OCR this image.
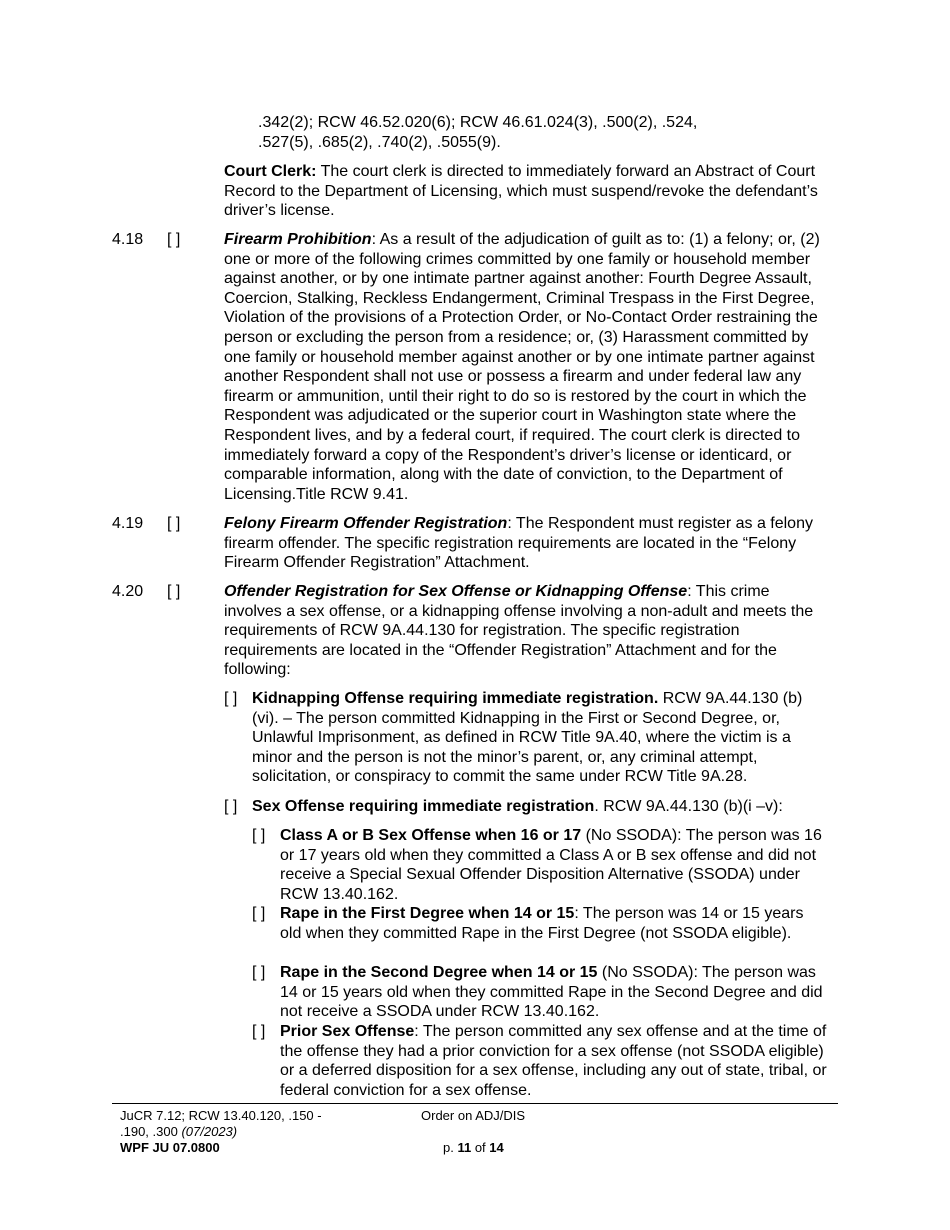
.342(2); RCW 46.52.020(6); RCW 46.61.024(3), .500(2), .524,
.527(5), .685(2), .740(2), .5055(9).
Court Clerk: The court clerk is directed to immediately forward an Abstract of Court Record to the Department of Licensing, which must suspend/revoke the defendant’s driver’s license.
4.18 [ ]	Firearm Prohibition: As a result of the adjudication of guilt as to: (1) a felony; or, (2) one or more of the following crimes committed by one family or household member against another, or by one intimate partner against another: Fourth Degree Assault, Coercion, Stalking, Reckless Endangerment, Criminal Trespass in the First Degree, Violation of the provisions of a Protection Order, or No-Contact Order restraining the person or excluding the person from a residence; or, (3) Harassment committed by one family or household member against another or by one intimate partner against another Respondent shall not use or possess a firearm and under federal law any firearm or ammunition, until their right to do so is restored by the court in which the Respondent was adjudicated or the superior court in Washington state where the Respondent lives, and by a federal court, if required. The court clerk is directed to immediately forward a copy of the Respondent’s driver’s license or identicard, or comparable information, along with the date of conviction, to the Department of Licensing.Title RCW 9.41.
4.19 [ ]	Felony Firearm Offender Registration: The Respondent must register as a felony firearm offender. The specific registration requirements are located in the “Felony Firearm Offender Registration” Attachment.
4.20 [ ]	Offender Registration for Sex Offense or Kidnapping Offense: This crime involves a sex offense, or a kidnapping offense involving a non-adult and meets the requirements of RCW 9A.44.130 for registration. The specific registration requirements are located in the “Offender Registration” Attachment and for the following:
[ ] Kidnapping Offense requiring immediate registration. RCW 9A.44.130 (b)(vi). – The person committed Kidnapping in the First or Second Degree, or, Unlawful Imprisonment, as defined in RCW Title 9A.40, where the victim is a minor and the person is not the minor’s parent, or, any criminal attempt, solicitation, or conspiracy to commit the same under RCW Title 9A.28.
[ ] Sex Offense requiring immediate registration. RCW 9A.44.130 (b)(i –v):
[ ] Class A or B Sex Offense when 16 or 17 (No SSODA): The person was 16 or 17 years old when they committed a Class A or B sex offense and did not receive a Special Sexual Offender Disposition Alternative (SSODA) under RCW 13.40.162.
[ ] Rape in the First Degree when 14 or 15: The person was 14 or 15 years old when they committed Rape in the First Degree (not SSODA eligible).
[ ] Rape in the Second Degree when 14 or 15 (No SSODA): The person was 14 or 15 years old when they committed Rape in the Second Degree and did not receive a SSODA under RCW 13.40.162.
[ ] Prior Sex Offense: The person committed any sex offense and at the time of the offense they had a prior conviction for a sex offense (not SSODA eligible) or a deferred disposition for a sex offense, including any out of state, tribal, or federal conviction for a sex offense.
JuCR 7.12; RCW 13.40.120, .150 -
.190, .300 (07/2023)
WPF JU 07.0800
Order on ADJ/DIS
p. 11 of 14
